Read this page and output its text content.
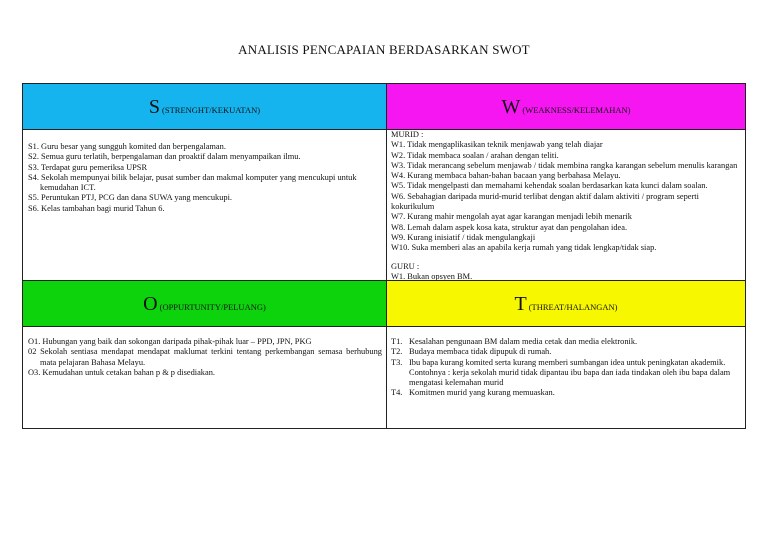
ANALISIS PENCAPAIAN BERDASARKAN SWOT
S (STRENGHT/KEKUATAN)	W (WEAKNESS/KELEMAHAN)
S1. Guru besar yang sungguh komited dan berpengalaman.
S2. Semua guru terlatih, berpengalaman dan proaktif dalam menyampaikan ilmu.
S3. Terdapat guru pemeriksa UPSR
S4. Sekolah mempunyai bilik belajar, pusat sumber dan makmal komputer yang mencukupi untuk kemudahan ICT.
S5. Peruntukan PTJ, PCG dan dana SUWA yang mencukupi.
S6. Kelas tambahan bagi murid Tahun 6.
MURID :
W1. Tidak mengaplikasikan teknik menjawab yang telah diajar
W2. Tidak membaca soalan / arahan dengan teliti.
W3. Tidak merancang sebelum menjawab / tidak membina rangka karangan sebelum menulis karangan
W4. Kurang membaca bahan-bahan bacaan yang berbahasa Melayu.
W5. Tidak mengelpasti dan memahami kehendak soalan berdasarkan kata kunci dalam soalan.
W6. Sebahagian daripada murid-murid terlibat dengan aktif dalam aktiviti / program seperti kokurikulum
W7. Kurang mahir mengolah ayat agar karangan menjadi lebih menarik
W8. Lemah dalam aspek kosa kata, struktur ayat dan pengolahan idea.
W9. Kurang inisiatif / tidak mengulangkaji
W10. Suka memberi alas an apabila kerja rumah yang tidak lengkap/tidak siap.
GURU :
W1. Bukan opsyen BM.
O (OPPURTUNITY/PELUANG)	T (THREAT/HALANGAN)
O1. Hubungan yang baik dan sokongan daripada pihak-pihak luar – PPD, JPN, PKG
02 Sekolah sentiasa mendapat mendapat maklumat terkini tentang perkembangan semasa berhubung mata pelajaran Bahasa Melayu.
O3. Kemudahan untuk cetakan bahan p & p disediakan.
T1. Kesalahan pengunaan BM dalam media cetak dan media elektronik.
T2. Budaya membaca tidak dipupuk di rumah.
T3. Ibu bapa kurang komited serta kurang memberi sumbangan idea untuk peningkatan akademik. Contohnya : kerja sekolah murid tidak dipantau ibu bapa dan iada tindakan oleh ibu bapa dalam mengatasi kelemahan murid
T4. Komitmen murid yang kurang memuaskan.
